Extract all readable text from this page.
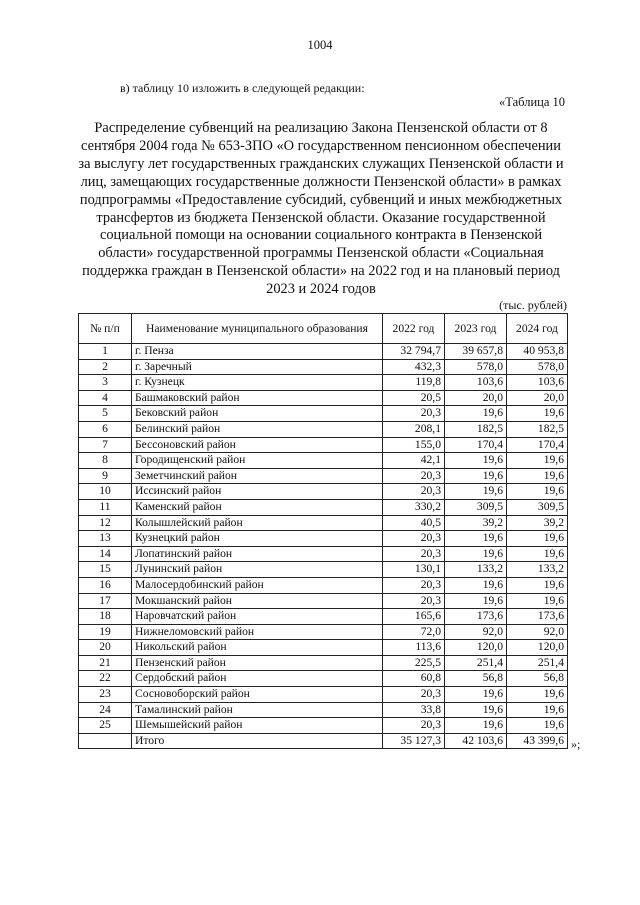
1004
в) таблицу 10 изложить в следующей редакции:
«Таблица 10
Распределение субвенций на реализацию Закона Пензенской области от 8 сентября 2004 года № 653-ЗПО «О государственном пенсионном обеспечении за выслугу лет государственных гражданских служащих Пензенской области и лиц, замещающих государственные должности Пензенской области» в рамках подпрограммы «Предоставление субсидий, субвенций и иных межбюджетных трансфертов из бюджета Пензенской области. Оказание государственной социальной помощи на основании социального контракта в Пензенской области» государственной программы Пензенской области «Социальная поддержка граждан в Пензенской области» на 2022 год и на плановый период 2023 и 2024 годов
(тыс. рублей)
№ п/п	Наименование муниципального образования	2022 год	2023 год	2024 год
1	г. Пенза	32 794,7	39 657,8	40 953,8
2	г. Заречный	432,3	578,0	578,0
3	г. Кузнецк	119,8	103,6	103,6
4	Башмаковский район	20,5	20,0	20,0
5	Бековский район	20,3	19,6	19,6
6	Белинский район	208,1	182,5	182,5
7	Бессоновский район	155,0	170,4	170,4
8	Городищенский район	42,1	19,6	19,6
9	Земетчинский район	20,3	19,6	19,6
10	Иссинский район	20,3	19,6	19,6
11	Каменский район	330,2	309,5	309,5
12	Колышлейский район	40,5	39,2	39,2
13	Кузнецкий район	20,3	19,6	19,6
14	Лопатинский район	20,3	19,6	19,6
15	Лунинский район	130,1	133,2	133,2
16	Малосердобинский район	20,3	19,6	19,6
17	Мокшанский район	20,3	19,6	19,6
18	Наровчатский район	165,6	173,6	173,6
19	Нижнеломовский район	72,0	92,0	92,0
20	Никольский район	113,6	120,0	120,0
21	Пензенский район	225,5	251,4	251,4
22	Сердобский район	60,8	56,8	56,8
23	Сосновоборский район	20,3	19,6	19,6
24	Тамалинский район	33,8	19,6	19,6
25	Шемышейский район	20,3	19,6	19,6
	Итого	35 127,3	42 103,6	43 399,6 »;
